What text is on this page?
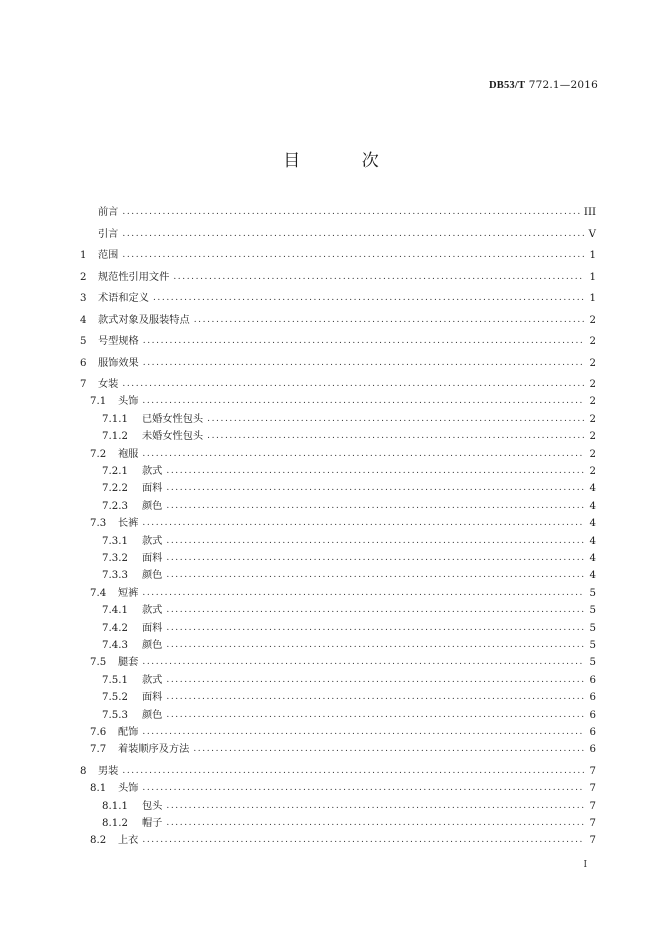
DB53/T 772.1—2016
目 次
前言 .....	III
引言 .....	V
1	范围 .....	1
2	规范性引用文件 .....	1
3	术语和定义 .....	1
4	款式对象及服装特点 .....	2
5	号型规格 .....	2
6	服饰效果 .....	2
7	女装 .....	2
7.1	头饰 .....	2
7.1.1	已婚女性包头 .....	2
7.1.2	未婚女性包头 .....	2
7.2	袍服 .....	2
7.2.1	款式 .....	2
7.2.2	面料 .....	4
7.2.3	颜色 .....	4
7.3	长裤 .....	4
7.3.1	款式 .....	4
7.3.2	面料 .....	4
7.3.3	颜色 .....	4
7.4	短裤 .....	5
7.4.1	款式 .....	5
7.4.2	面料 .....	5
7.4.3	颜色 .....	5
7.5	腿套 .....	5
7.5.1	款式 .....	6
7.5.2	面料 .....	6
7.5.3	颜色 .....	6
7.6	配饰 .....	6
7.7	着装顺序及方法 .....	6
8	男装 .....	7
8.1	头饰 .....	7
8.1.1	包头 .....	7
8.1.2	帽子 .....	7
8.2	上衣 .....	7
I
